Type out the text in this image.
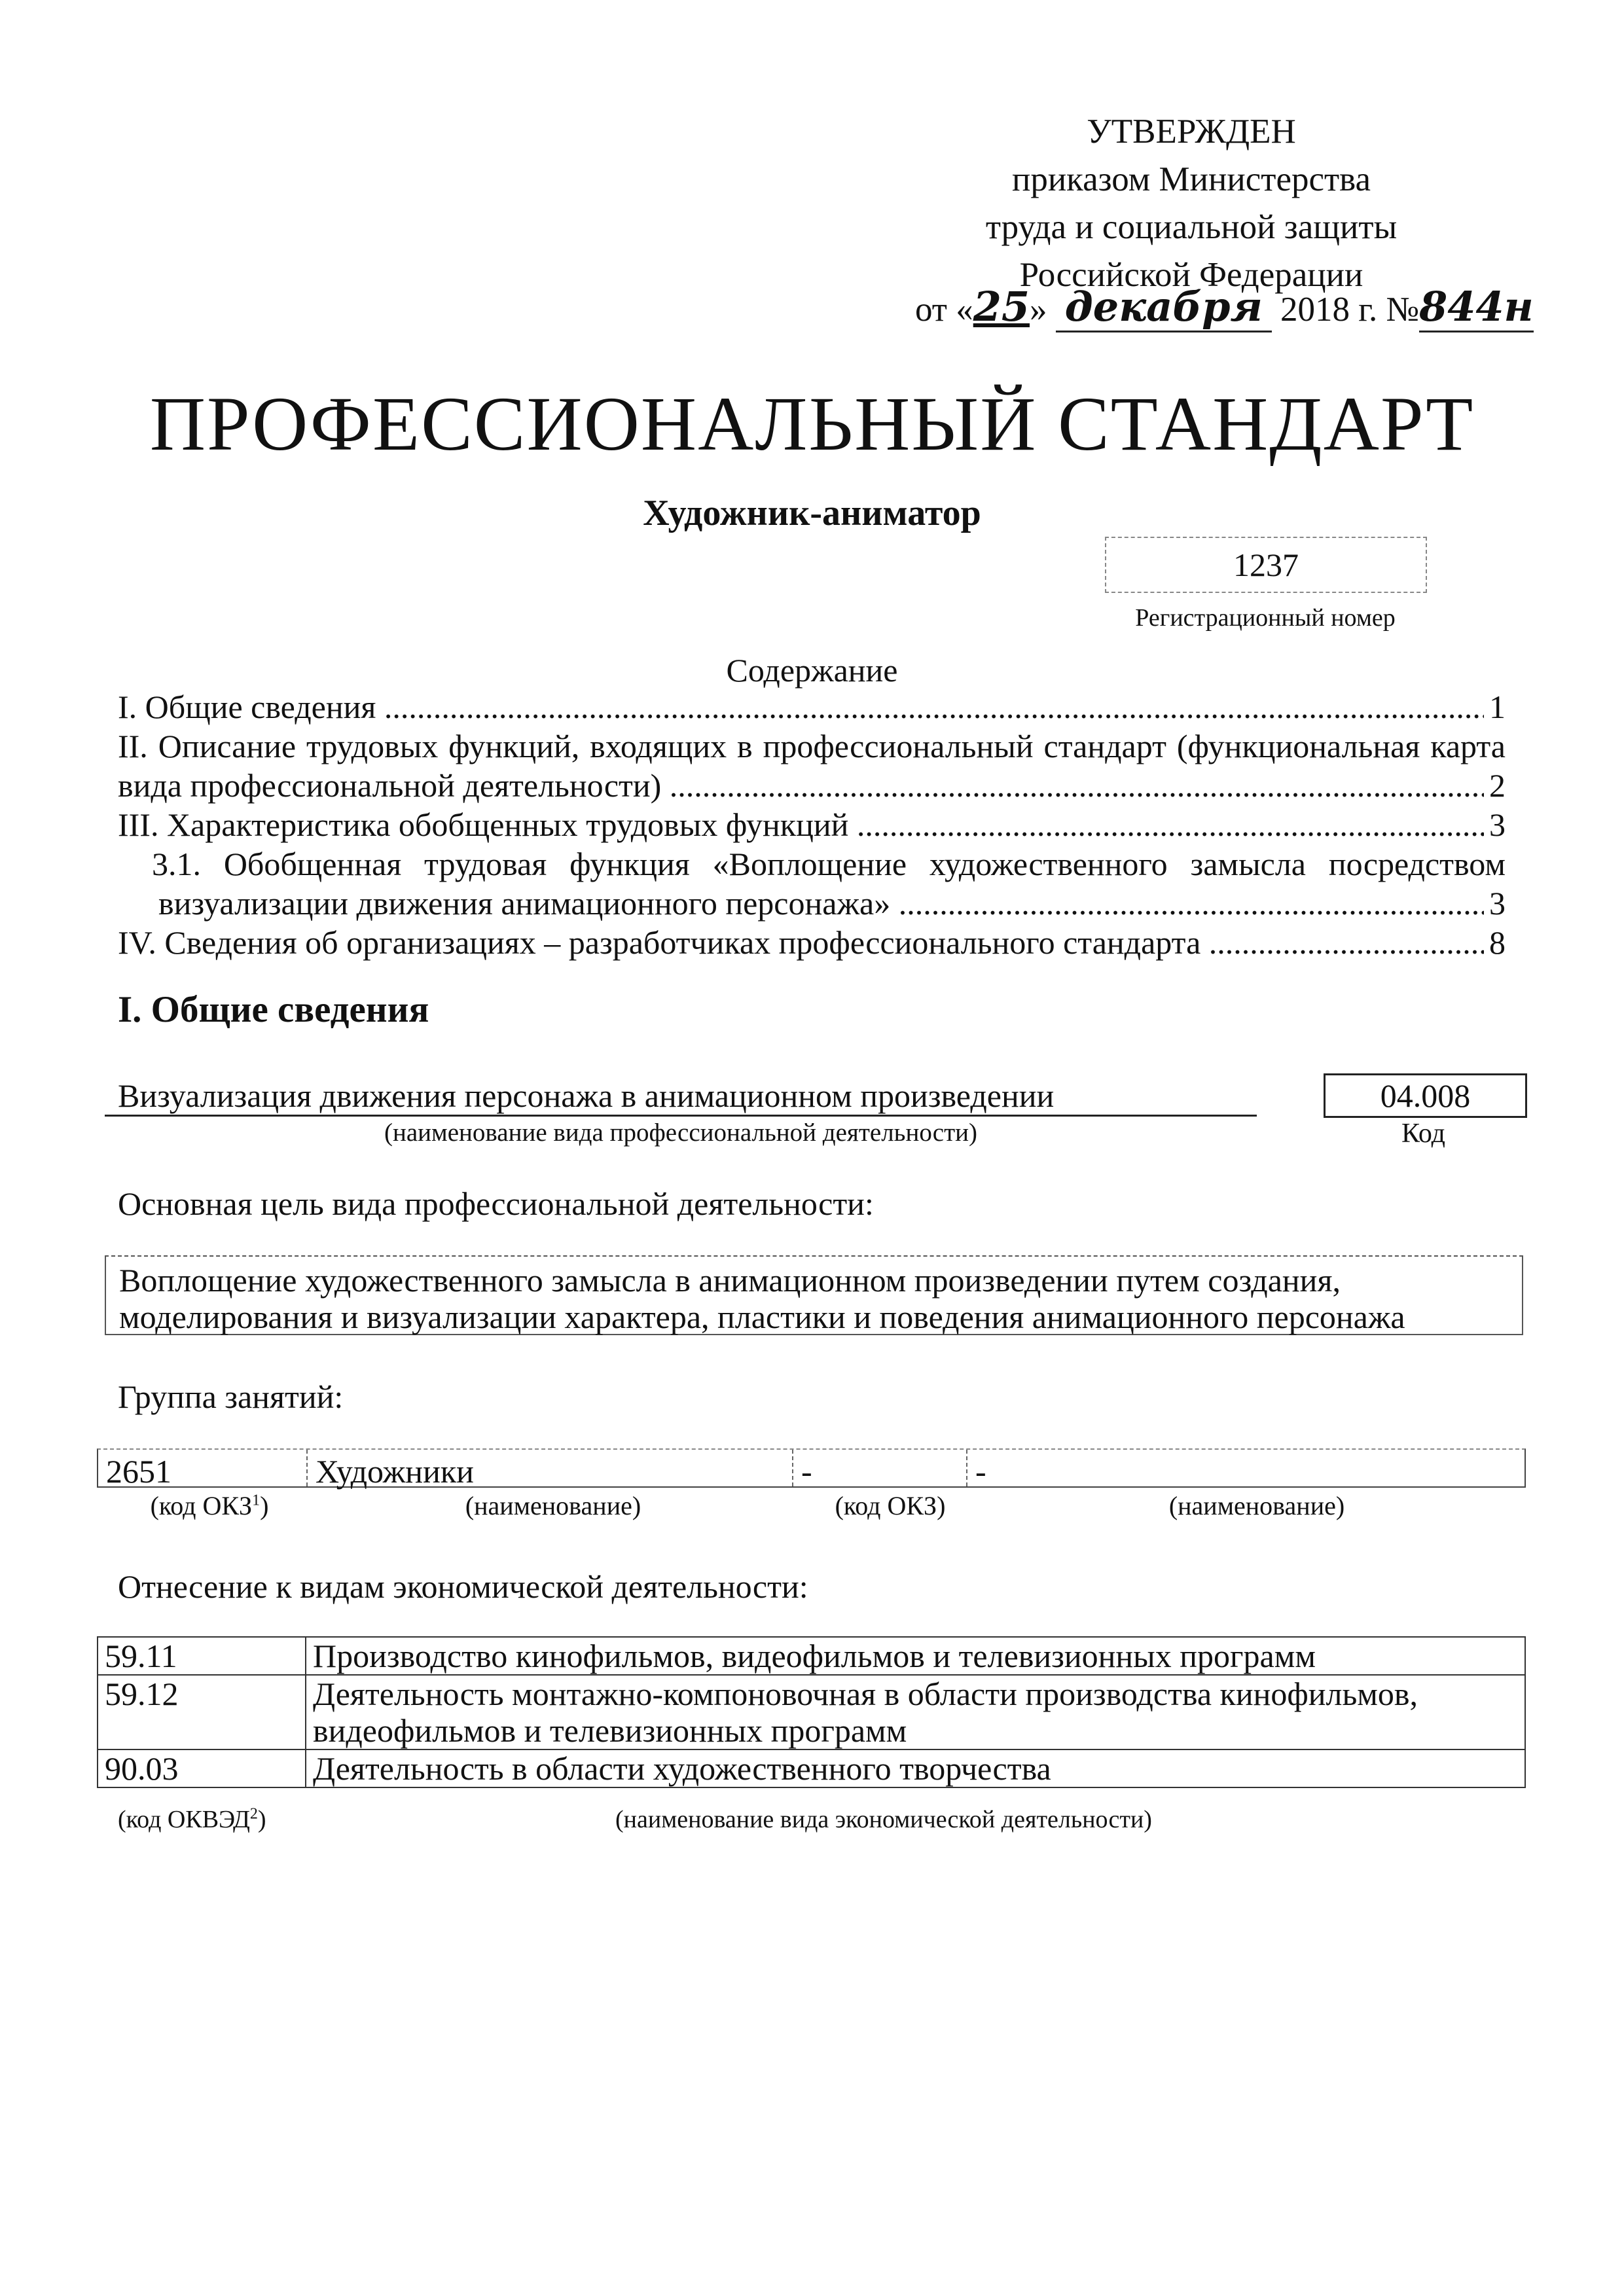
УТВЕРЖДЕН
приказом Министерства
труда и социальной защиты
Российской Федерации
от «25» декабря 2018 г. №844н
ПРОФЕССИОНАЛЬНЫЙ СТАНДАРТ
Художник-аниматор
1237
Регистрационный номер
Содержание
I. Общие сведения .....	1
II. Описание трудовых функций, входящих в профессиональный стандарт (функциональная карта
вида профессиональной деятельности) .....	2
III. Характеристика обобщенных трудовых функций .....	3
3.1. Обобщенная трудовая функция «Воплощение художественного замысла посредством
визуализации движения анимационного персонажа» .....	3
IV. Сведения об организациях – разработчиках профессионального стандарта .....	8
I. Общие сведения
Визуализация движения персонажа в анимационном произведении
(наименование вида профессиональной деятельности)
04.008
Код
Основная цель вида профессиональной деятельности:
Воплощение художественного замысла в анимационном произведении путем создания,
моделирования и визуализации характера, пластики и поведения анимационного персонажа
Группа занятий:
2651	Художники	-	-
(код ОКЗ$^1$)	(наименование)	(код ОКЗ)	(наименование)
Отнесение к видам экономической деятельности:
59.11	Производство кинофильмов, видеофильмов и телевизионных программ
59.12	Деятельность монтажно-компоновочная в области производства кинофильмов, видеофильмов и телевизионных программ
90.03	Деятельность в области художественного творчества
(код ОКВЭД$^2$)	(наименование вида экономической деятельности)
